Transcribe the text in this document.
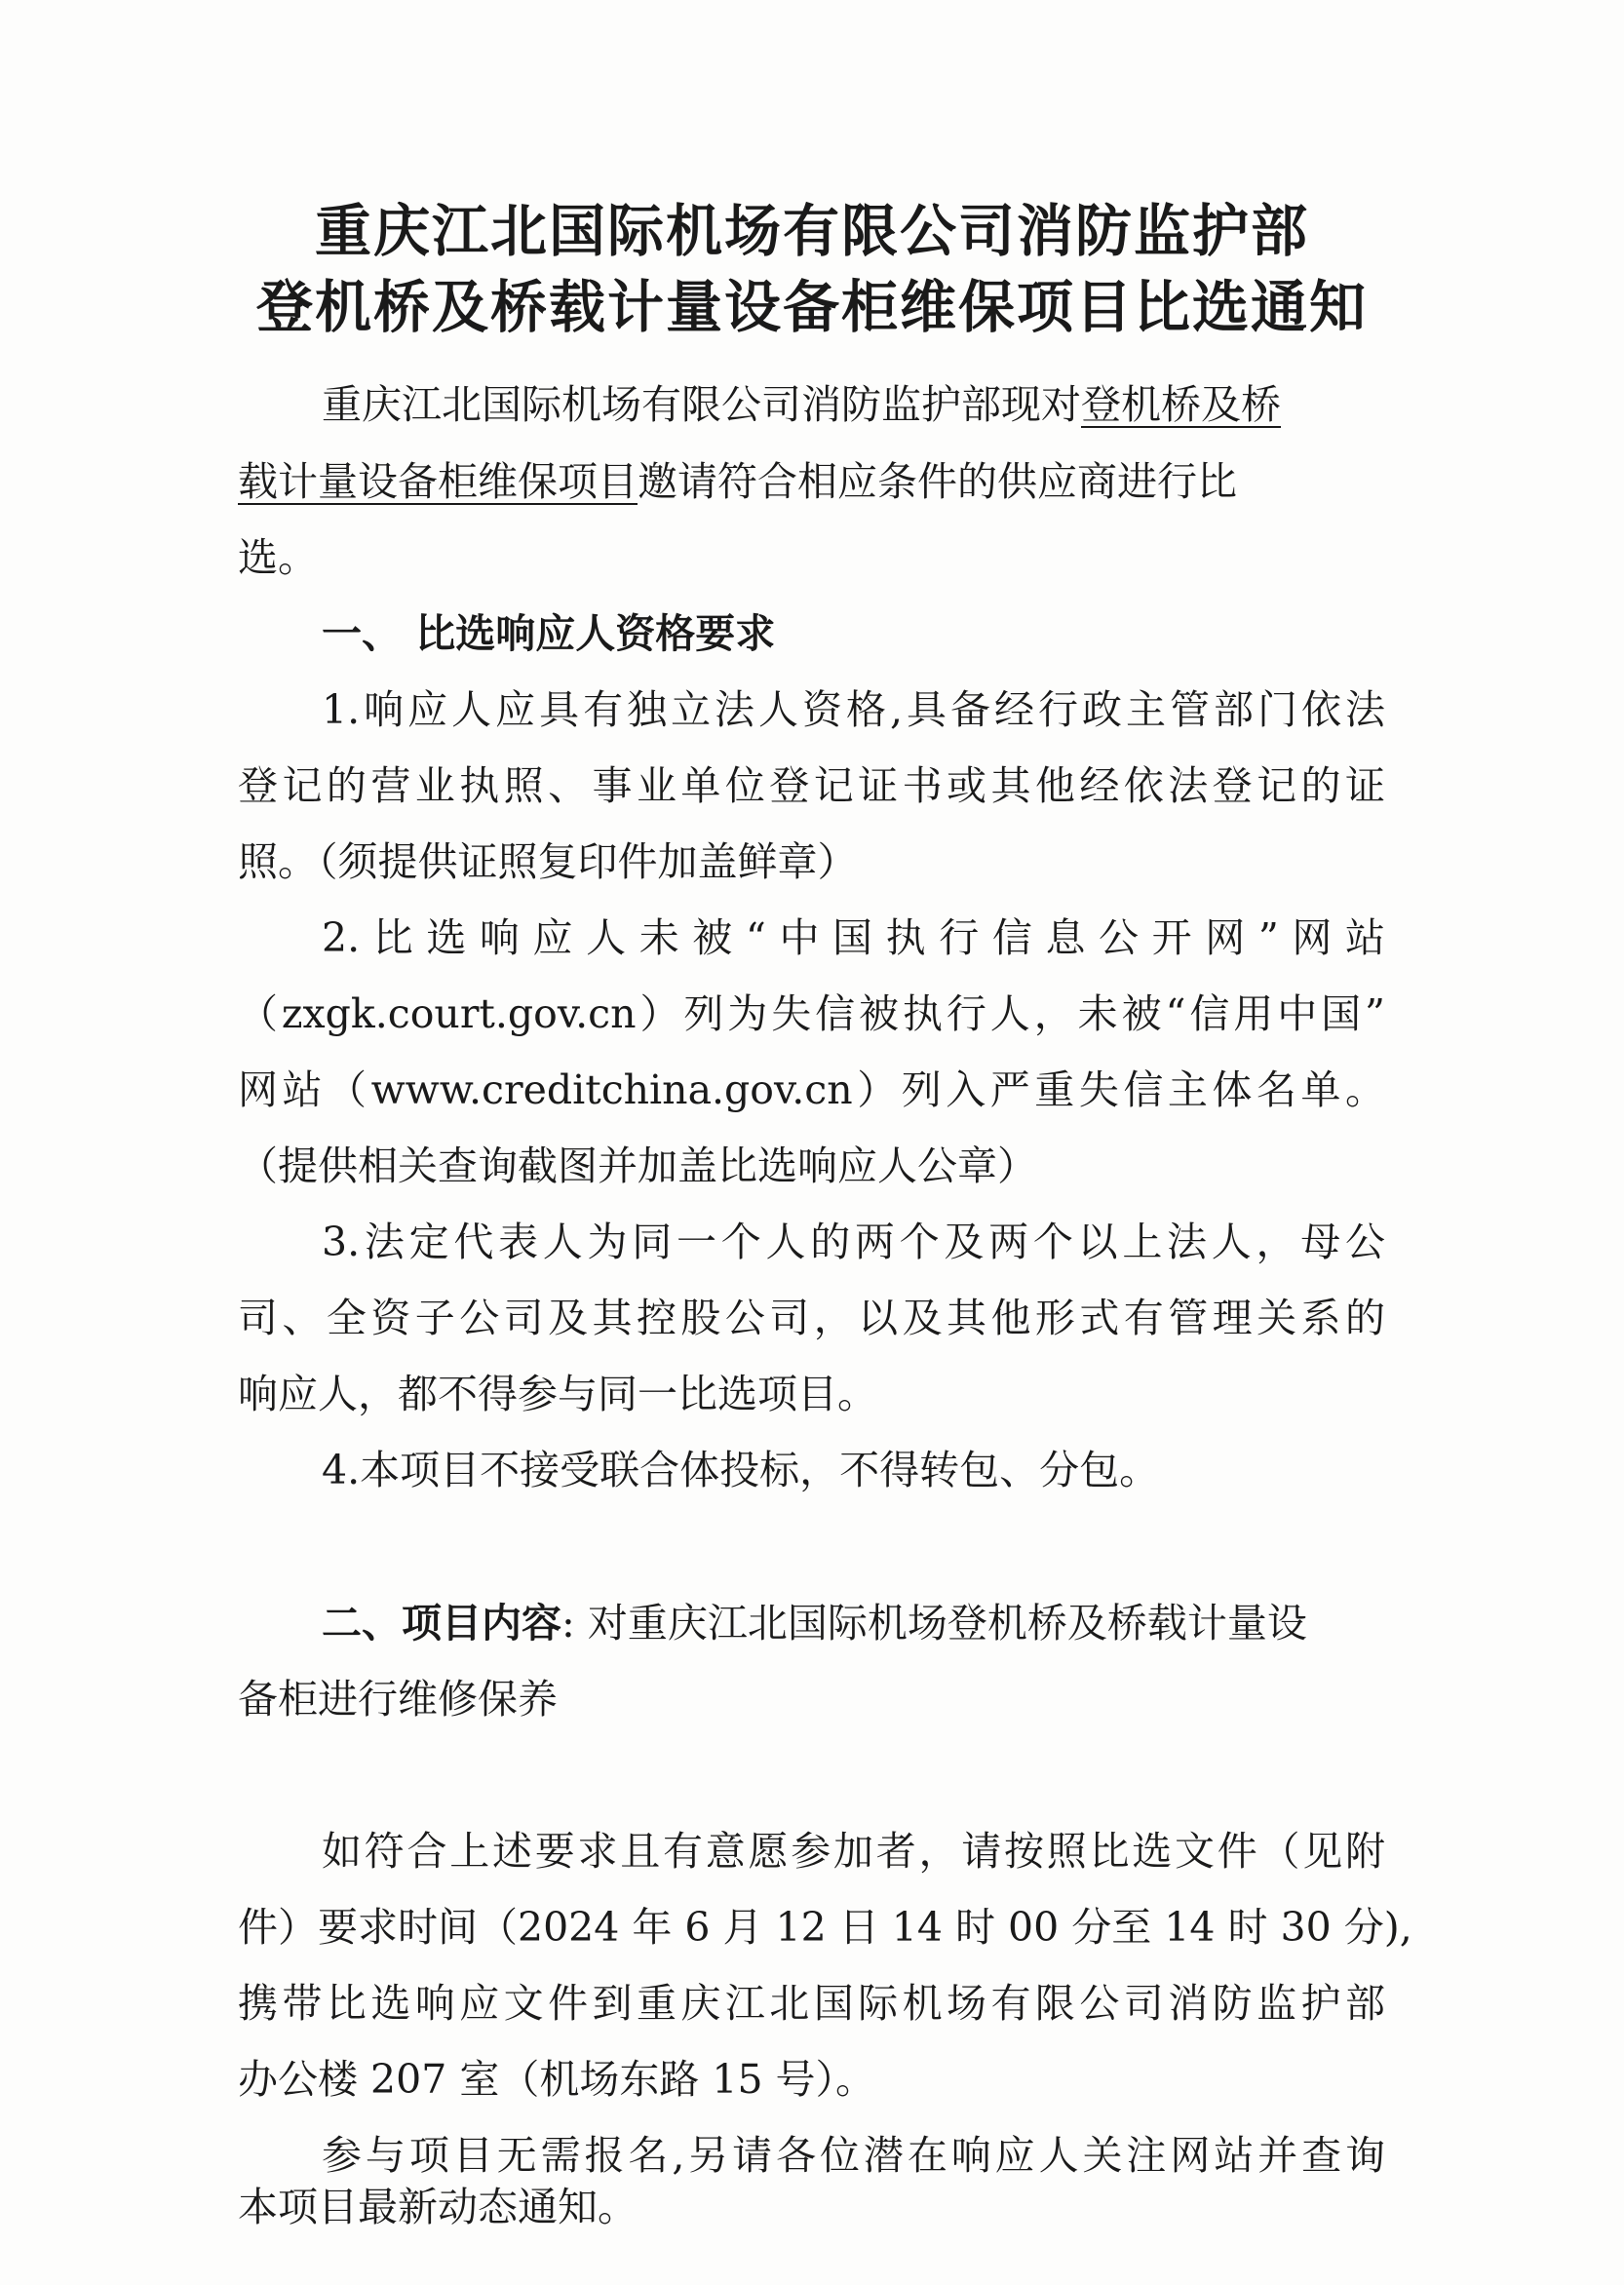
重庆江北国际机场有限公司消防监护部
登机桥及桥载计量设备柜维保项目比选通知
重庆江北国际机场有限公司消防监护部现对登机桥及桥
载计量设备柜维保项目邀请符合相应条件的供应商进行比
选。
一、 比选响应人资格要求
1.响应人应具有独立法人资格,具备经行政主管部门依法
登记的营业执照、事业单位登记证书或其他经依法登记的证
照。（须提供证照复印件加盖鲜章）
2.比选响应人未被“中国执行信息公开网”网站
（zxgk.court.gov.cn）列为失信被执行人，未被“信用中国”
网站（www.creditchina.gov.cn）列入严重失信主体名单。
（提供相关查询截图并加盖比选响应人公章）
3.法定代表人为同一个人的两个及两个以上法人，母公
司、全资子公司及其控股公司，以及其他形式有管理关系的
响应人，都不得参与同一比选项目。
4.本项目不接受联合体投标，不得转包、分包。
二、项目内容: 对重庆江北国际机场登机桥及桥载计量设
备柜进行维修保养
如符合上述要求且有意愿参加者，请按照比选文件（见附
件）要求时间（2024 年 6 月 12 日 14 时 00 分至 14 时 30 分),
携带比选响应文件到重庆江北国际机场有限公司消防监护部
办公楼 207 室（机场东路 15 号）。
参与项目无需报名,另请各位潜在响应人关注网站并查询
本项目最新动态通知。
